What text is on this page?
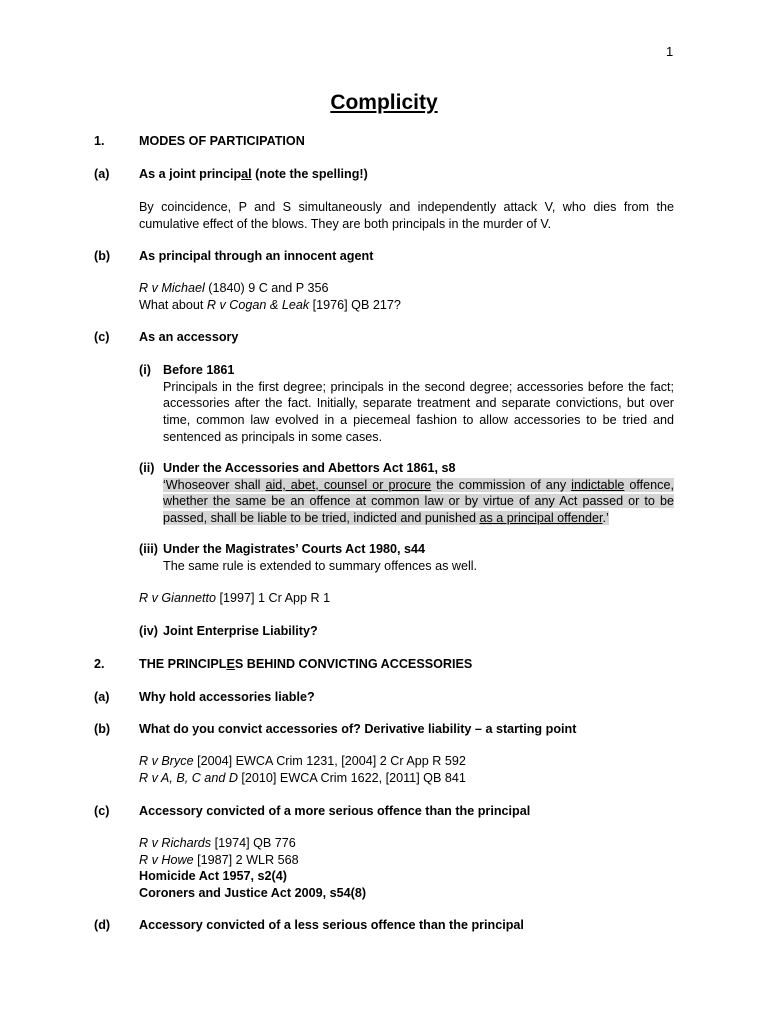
1
Complicity
1.	MODES OF PARTICIPATION
(a) As a joint principal (note the spelling!)

By coincidence, P and S simultaneously and independently attack V, who dies from the cumulative effect of the blows. They are both principals in the murder of V.

(b) As principal through an innocent agent
R v Michael (1840) 9 C and P 356
What about R v Cogan & Leak [1976] QB 217?
(c) As an accessory
(i) Before 1861

Principals in the first degree; principals in the second degree; accessories before the fact; accessories after the fact. Initially, separate treatment and separate convictions, but over time, common law evolved in a piecemeal fashion to allow accessories to be tried and sentenced as principals in some cases.

(ii) Under the Accessories and Abettors Act 1861, s8

‘Whoseover shall aid, abet, counsel or procure the commission of any indictable offence, whether the same be an offence at common law or by virtue of any Act passed or to be passed, shall be liable to be tried, indicted and punished as a principal offender.’

(iii) Under the Magistrates’ Courts Act 1980, s44
The same rule is extended to summary offences as well.
R v Giannetto [1997] 1 Cr App R 1
(iv) Joint Enterprise Liability?
2.	THE PRINCIPLES BEHIND CONVICTING ACCESSORIES
(a) Why hold accessories liable?
(b) What do you convict accessories of? Derivative liability – a starting point
R v Bryce [2004] EWCA Crim 1231, [2004] 2 Cr App R 592
R v A, B, C and D [2010] EWCA Crim 1622, [2011] QB 841
(c) Accessory convicted of a more serious offence than the principal
R v Richards [1974] QB 776
R v Howe [1987] 2 WLR 568
Homicide Act 1957, s2(4)
Coroners and Justice Act 2009, s54(8)
(d) Accessory convicted of a less serious offence than the principal
